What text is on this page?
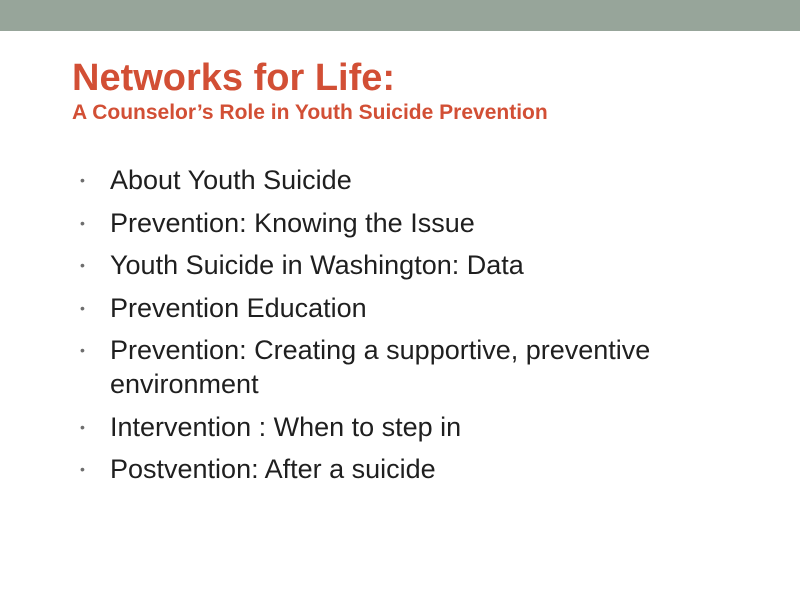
Networks for Life:
A Counselor’s Role in Youth Suicide Prevention
• About Youth Suicide
• Prevention: Knowing the Issue
• Youth Suicide in Washington: Data
• Prevention Education
• Prevention: Creating a supportive, preventive environment
• Intervention : When to step in
• Postvention: After a suicide
